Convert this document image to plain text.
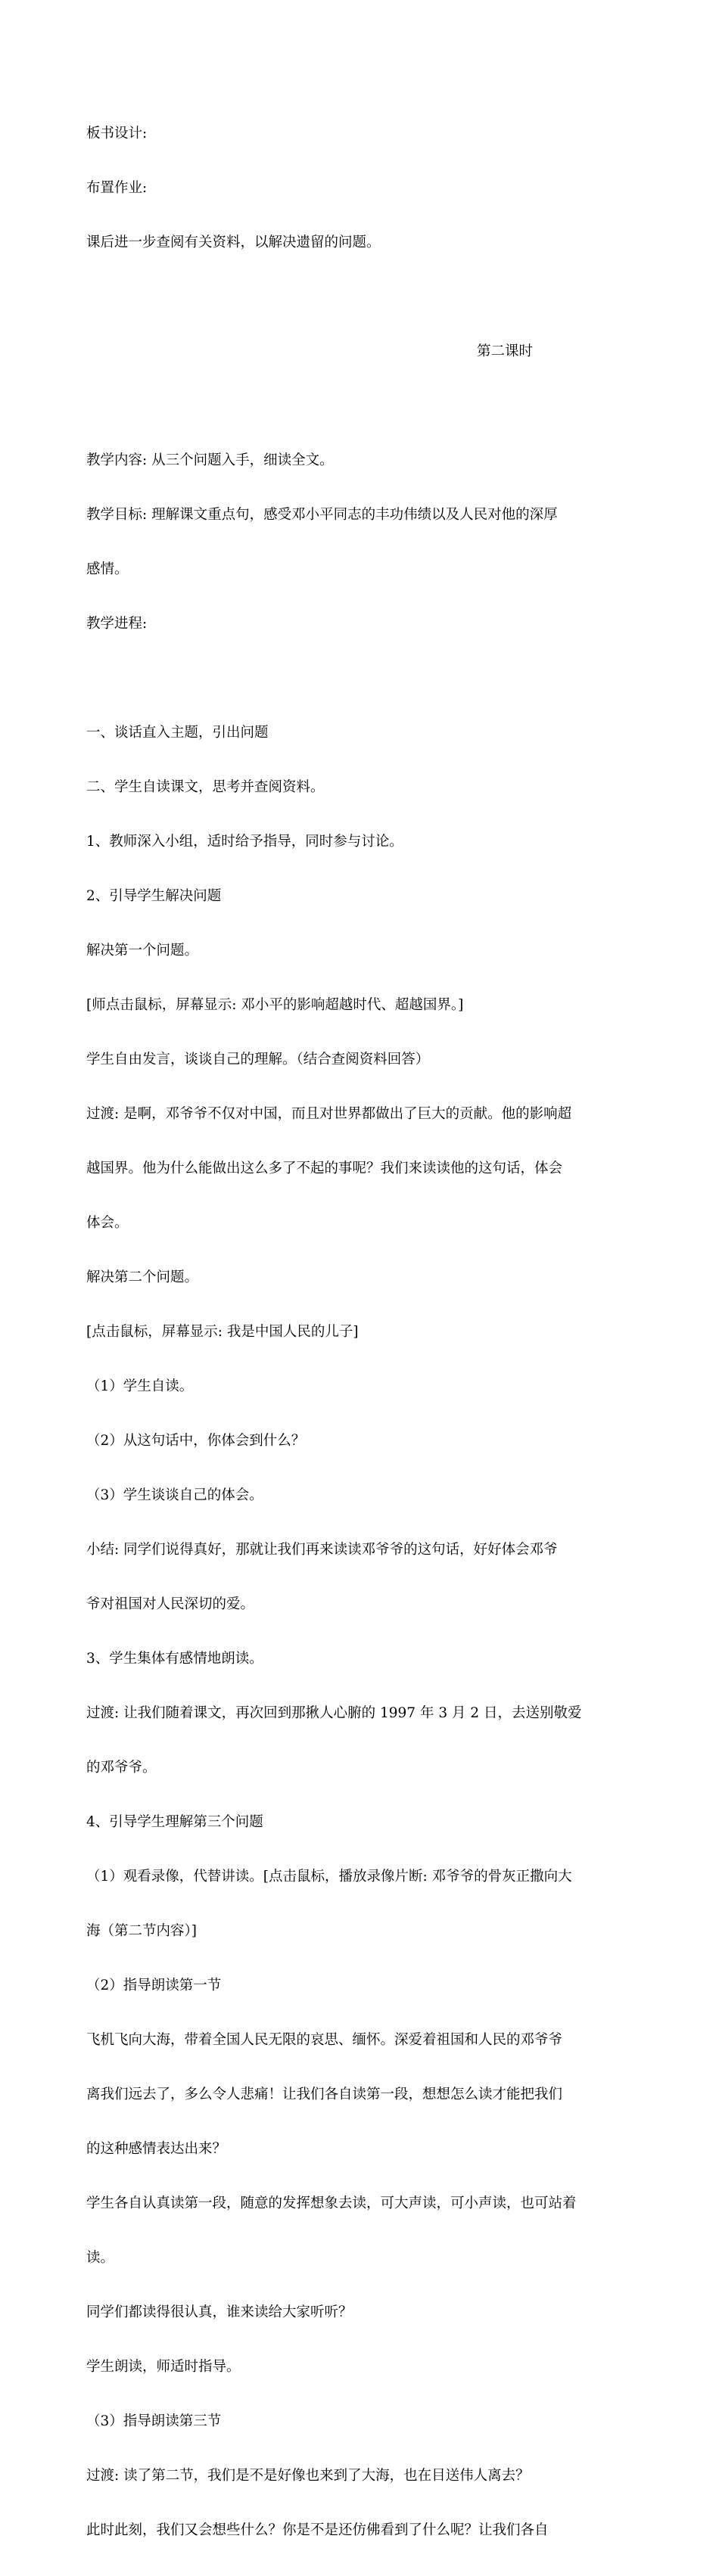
板书设计:

布置作业:

课后进一步查阅有关资料，以解决遗留的问题。

第二课时

教学内容: 从三个问题入手，细读全文。

教学目标: 理解课文重点句，感受邓小平同志的丰功伟绩以及人民对他的深厚

感情。

教学进程:

一、谈话直入主题，引出问题

二、学生自读课文，思考并查阅资料。

1、教师深入小组，适时给予指导，同时参与讨论。

2、引导学生解决问题

解决第一个问题。

[师点击鼠标，屏幕显示: 邓小平的影响超越时代、超越国界。]

学生自由发言，谈谈自己的理解。（结合查阅资料回答）

过渡: 是啊，邓爷爷不仅对中国，而且对世界都做出了巨大的贡献。他的影响超

越国界。他为什么能做出这么多了不起的事呢？我们来读读他的这句话，体会

体会。

解决第二个问题。

[点击鼠标，屏幕显示: 我是中国人民的儿子]

（1）学生自读。

（2）从这句话中，你体会到什么？

（3）学生谈谈自己的体会。

小结: 同学们说得真好，那就让我们再来读读邓爷爷的这句话，好好体会邓爷

爷对祖国对人民深切的爱。

3、学生集体有感情地朗读。

过渡: 让我们随着课文，再次回到那揪人心腑的 1997 年 3 月 2 日，去送别敬爱

的邓爷爷。

4、引导学生理解第三个问题

（1）观看录像，代替讲读。[点击鼠标，播放录像片断: 邓爷爷的骨灰正撒向大

海（第二节内容）]

（2）指导朗读第一节

飞机飞向大海，带着全国人民无限的哀思、缅怀。深爱着祖国和人民的邓爷爷

离我们远去了，多么令人悲痛！让我们各自读第一段，想想怎么读才能把我们

的这种感情表达出来？

学生各自认真读第一段，随意的发挥想象去读，可大声读，可小声读，也可站着

读。

同学们都读得很认真，谁来读给大家听听？

学生朗读，师适时指导。

（3）指导朗读第三节

过渡: 读了第二节，我们是不是好像也来到了大海，也在目送伟人离去？

此时此刻，我们又会想些什么？你是不是还仿佛看到了什么呢？让我们各自
